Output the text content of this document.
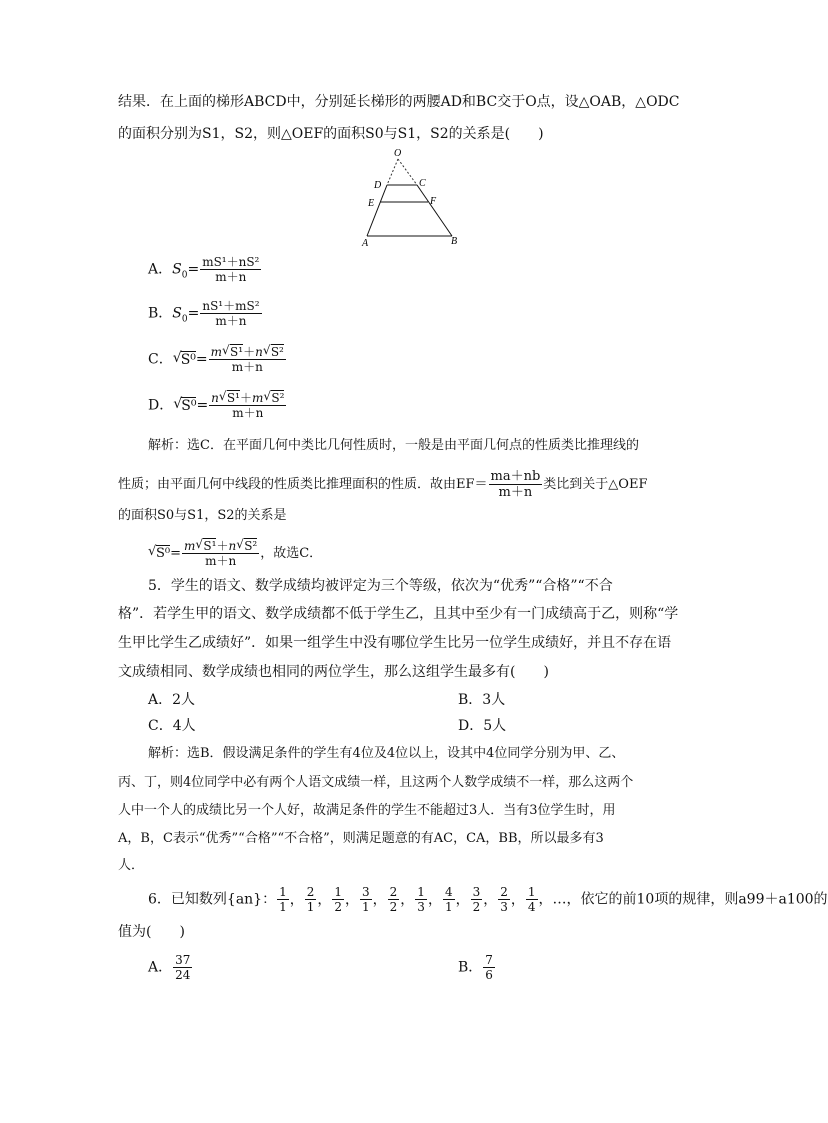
结果．在上面的梯形ABCD中，分别延长梯形的两腰AD和BC交于O点，设△OAB，△ODC
的面积分别为S1，S2，则△OEF的面积S0与S1，S2的关系是(　　)
O
D	C
E	F
A	B
A．$S_0= \frac{\text{mS¹＋nS²}}{m+n}$
B．$S_0= \frac{\text{nS¹＋mS²}}{m+n}$
C． √ $S^0= \frac{\text{m √ S¹＋n √ S²}}{m+n}$
D． √ $S^0= \frac{\text{n √ S¹＋m √ S²}}{m+n}$
解析：选C．在平面几何中类比几何性质时，一般是由平面几何点的性质类比推理线的
性质；由平面几何中线段的性质类比推理面积的性质．故由$EF= \frac{ma+nb}{m+n}$ 类比到关于△OEF
的面积S0与S1，S2的关系是
√ $S^0= \frac{\text{m √ S¹＋n √ S²}}{m+n}$ ，故选C．
5．学生的语文、数学成绩均被评定为三个等级，依次为“优秀”“合格”“不合
格”．若学生甲的语文、数学成绩都不低于学生乙，且其中至少有一门成绩高于乙，则称“学
生甲比学生乙成绩好”．如果一组学生中没有哪位学生比另一位学生成绩好，并且不存在语
文成绩相同、数学成绩也相同的两位学生，那么这组学生最多有(　　)
A．2人	B．3人
C．4人	D．5人
解析：选B．假设满足条件的学生有4位及4位以上，设其中4位同学分别为甲、乙、
丙、丁，则4位同学中必有两个人语文成绩一样，且这两个人数学成绩不一样，那么这两个
人中一个人的成绩比另一个人好，故满足条件的学生不能超过3人．当有3位学生时，用
A，B，C表示“优秀”“合格”“不合格”，则满足题意的有AC，CA，BB，所以最多有3
人．
6．已知数列{an}： $\frac{1}{1}$ ， $\frac{2}{1}$ ， $\frac{1}{2}$ ， $\frac{3}{1}$ ， $\frac{2}{2}$ ， $\frac{1}{3}$ ， $\frac{4}{1}$ ， $\frac{3}{2}$ ， $\frac{2}{3}$ ， $\frac{1}{4}$ ，…，依它的前10项的规律，则a99＋a100的
值为(　　)
A． $\frac{37}{24}$	B． $\frac{7}{6}$
